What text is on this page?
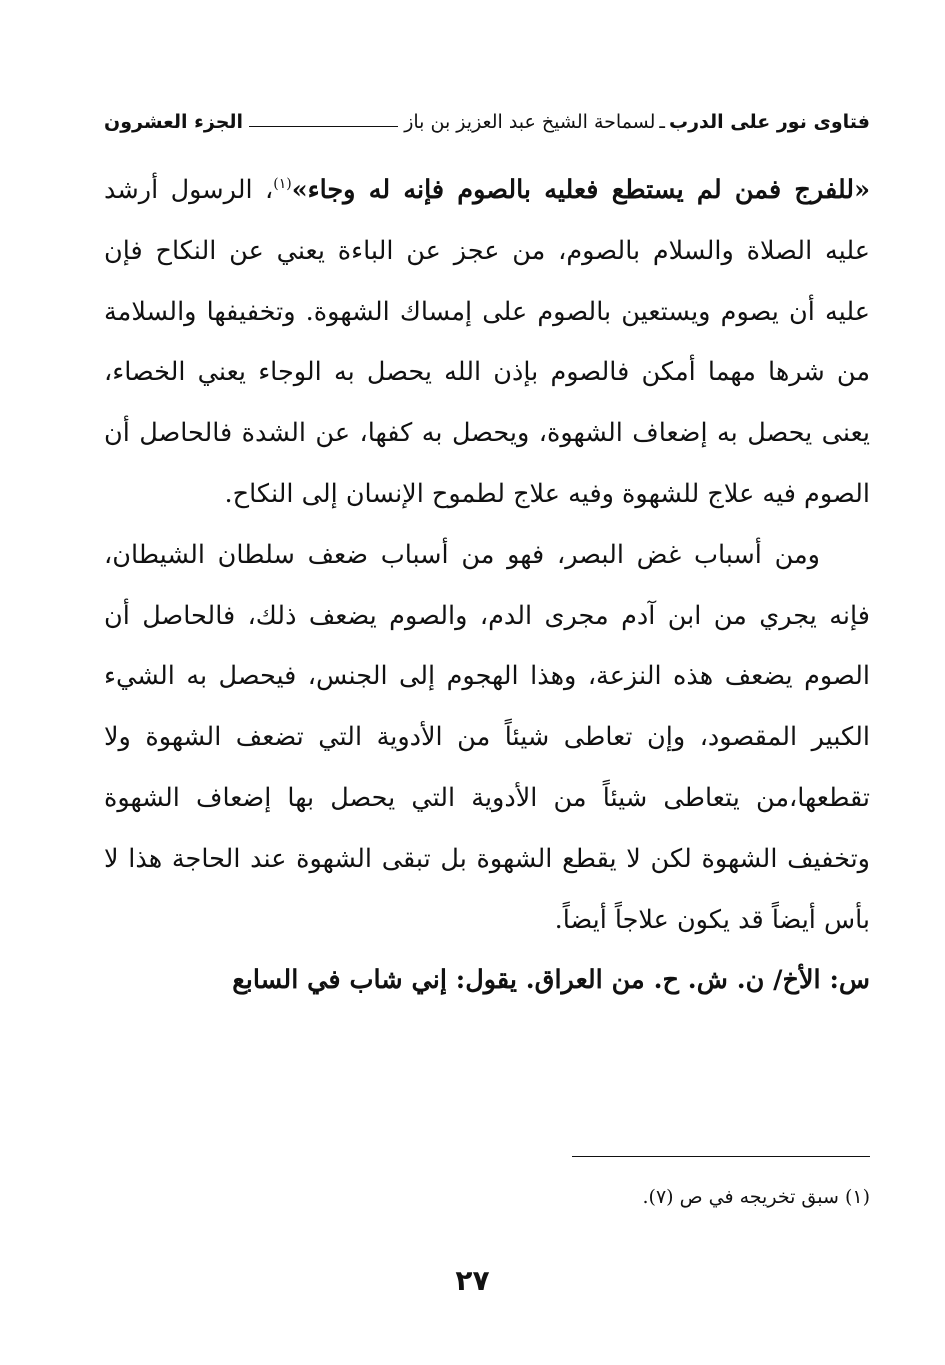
فتاوى نور على الدرب
ـ
لسماحة الشيخ عبد العزيز بن باز
الجزء العشرون

«للفرج فمن لم يستطع فعليه بالصوم فإنه له وجاء»$^{(١)}$، الرسول أرشد عليه الصلاة والسلام بالصوم، من عجز عن الباءة يعني عن النكاح فإن عليه أن يصوم ويستعين بالصوم على إمساك الشهوة. وتخفيفها والسلامة من شرها مهما أمكن فالصوم بإذن الله يحصل به الوجاء يعني الخصاء، يعنى يحصل به إضعاف الشهوة، ويحصل به كفها، عن الشدة فالحاصل أن الصوم فيه علاج للشهوة وفيه علاج لطموح الإنسان إلى النكاح.

ومن أسباب غض البصر، فهو من أسباب ضعف سلطان الشيطان، فإنه يجري من ابن آدم مجرى الدم، والصوم يضعف ذلك، فالحاصل أن الصوم يضعف هذه النزعة، وهذا الهجوم إلى الجنس، فيحصل به الشيء الكبير المقصود، وإن تعاطى شيئاً من الأدوية التي تضعف الشهوة ولا تقطعها،من يتعاطى شيئاً من الأدوية التي يحصل بها إضعاف الشهوة وتخفيف الشهوة لكن لا يقطع الشهوة بل تبقى الشهوة عند الحاجة هذا لا بأس أيضاً قد يكون علاجاً أيضاً.

س: الأخ/ ن. ش. ح. من العراق. يقول: إني شاب في السابع

(١) سبق تخريجه في ص (٧).
٢٧
